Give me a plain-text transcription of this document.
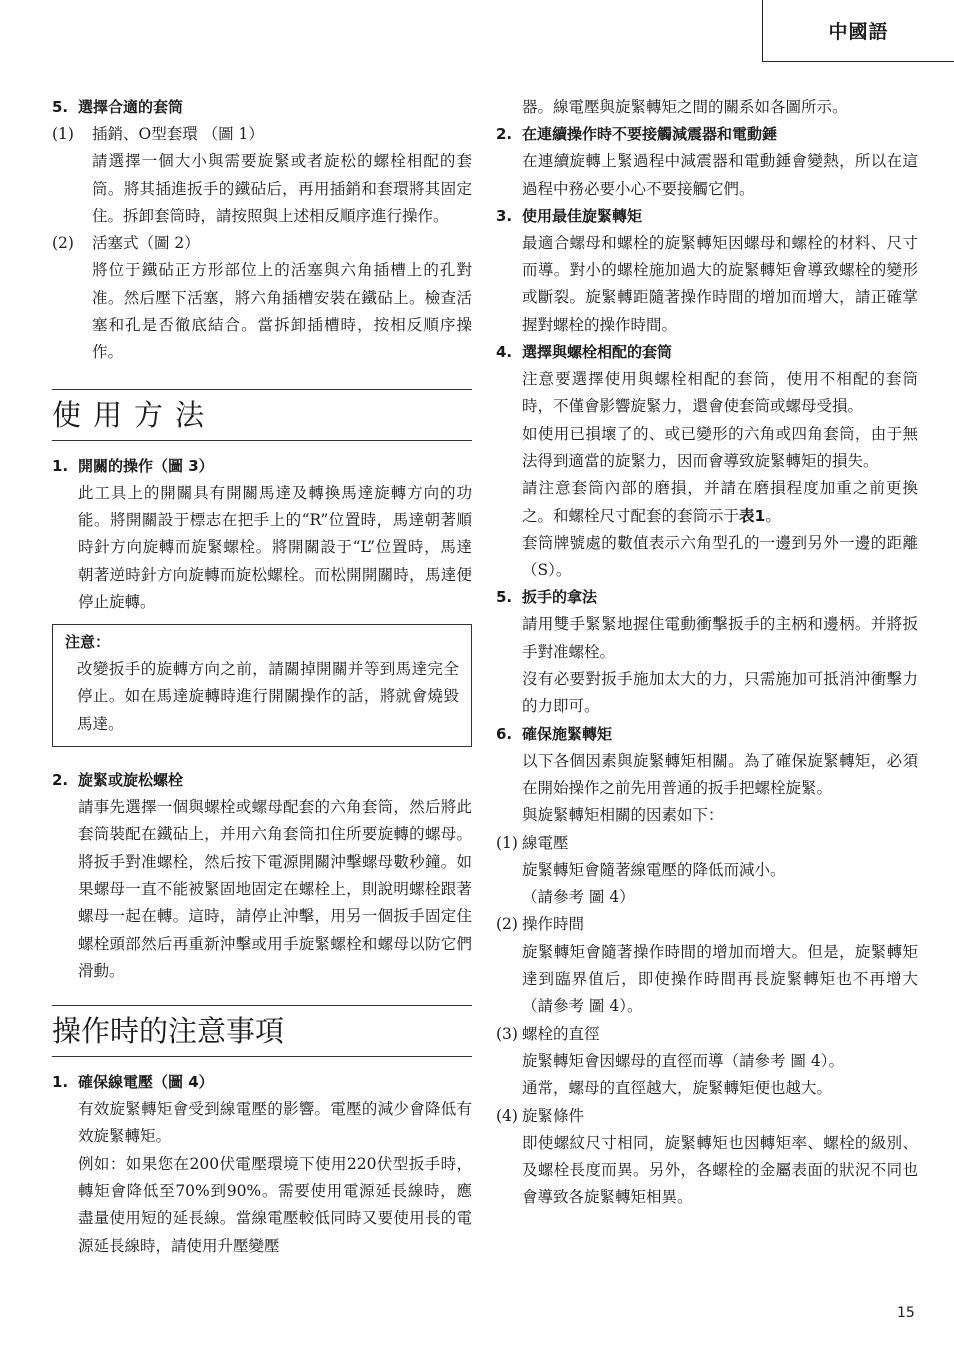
中國語
5. 選擇合適的套筒
(1)	插銷、O型套環 （圖 1）
請選擇一個大小與需要旋緊或者旋松的螺栓相配的套筒。將其插進扳手的鐵砧后，再用插銷和套環將其固定住。拆卸套筒時，請按照與上述相反順序進行操作。
(2)	活塞式（圖 2）
將位于鐵砧正方形部位上的活塞與六角插槽上的孔對准。然后壓下活塞，將六角插槽安裝在鐵砧上。檢查活塞和孔是否徹底結合。當拆卸插槽時，按相反順序操作。
使用方法
1. 開關的操作（圖 3）
此工具上的開關具有開關馬達及轉換馬達旋轉方向的功能。將開關設于標志在把手上的“R”位置時，馬達朝著順時針方向旋轉而旋緊螺栓。將開關設于“L”位置時，馬達朝著逆時針方向旋轉而旋松螺栓。而松開開關時，馬達便停止旋轉。
注意：
改變扳手的旋轉方向之前，請關掉開關并等到馬達完全停止。如在馬達旋轉時進行開關操作的話，將就會燒毀馬達。
2. 旋緊或旋松螺栓
請事先選擇一個與螺栓或螺母配套的六角套筒，然后將此套筒裝配在鐵砧上，并用六角套筒扣住所要旋轉的螺母。將扳手對准螺栓，然后按下電源開關沖擊螺母數秒鐘。如果螺母一直不能被緊固地固定在螺栓上，則說明螺栓跟著螺母一起在轉。這時，請停止沖擊，用另一個扳手固定住螺栓頭部然后再重新沖擊或用手旋緊螺栓和螺母以防它們滑動。
操作時的注意事項
1. 確保線電壓（圖 4）
有效旋緊轉矩會受到線電壓的影響。電壓的減少會降低有效旋緊轉矩。
例如：如果您在200伏電壓環境下使用220伏型扳手時，轉矩會降低至70%到90%。需要使用電源延長線時，應盡量使用短的延長線。當線電壓較低同時又要使用長的電源延長線時，請使用升壓變壓
器。線電壓與旋緊轉矩之間的關系如各圖所示。
2. 在連續操作時不要接觸減震器和電動錘
在連續旋轉上緊過程中減震器和電動錘會變熱，所以在這過程中務必要小心不要接觸它們。
3. 使用最佳旋緊轉矩
最適合螺母和螺栓的旋緊轉矩因螺母和螺栓的材料、尺寸而導。對小的螺栓施加過大的旋緊轉矩會導致螺栓的變形或斷裂。旋緊轉距隨著操作時間的增加而增大，請正確掌握對螺栓的操作時間。
4. 選擇與螺栓相配的套筒
注意要選擇使用與螺栓相配的套筒，使用不相配的套筒時，不僅會影響旋緊力，還會使套筒或螺母受損。
如使用已損壞了的、或已變形的六角或四角套筒，由于無法得到適當的旋緊力，因而會導致旋緊轉矩的損失。
請注意套筒內部的磨損，并請在磨損程度加重之前更換之。和螺栓尺寸配套的套筒示于表1。
套筒牌號處的數值表示六角型孔的一邊到另外一邊的距離（S）。
5. 扳手的拿法
請用雙手緊緊地握住電動衝擊扳手的主柄和邊柄。并將扳手對准螺栓。
沒有必要對扳手施加太大的力，只需施加可抵消沖衝擊力的力即可。
6. 確保施緊轉矩
以下各個因素與旋緊轉矩相關。為了確保旋緊轉矩，必須在開始操作之前先用普通的扳手把螺栓旋緊。
與旋緊轉矩相關的因素如下：
(1) 線電壓
旋緊轉矩會隨著線電壓的降低而減小。
（請參考 圖 4）
(2) 操作時間
旋緊轉矩會隨著操作時間的增加而增大。但是，旋緊轉矩達到臨界值后，即使操作時間再長旋緊轉矩也不再增大（請參考 圖 4）。
(3) 螺栓的直徑
旋緊轉矩會因螺母的直徑而導（請參考 圖 4）。
通常，螺母的直徑越大，旋緊轉矩便也越大。
(4) 旋緊條件
即使螺紋尺寸相同，旋緊轉矩也因轉矩率、螺栓的級別、及螺栓長度而異。另外，各螺栓的金屬表面的狀況不同也會導致各旋緊轉矩相異。
15
